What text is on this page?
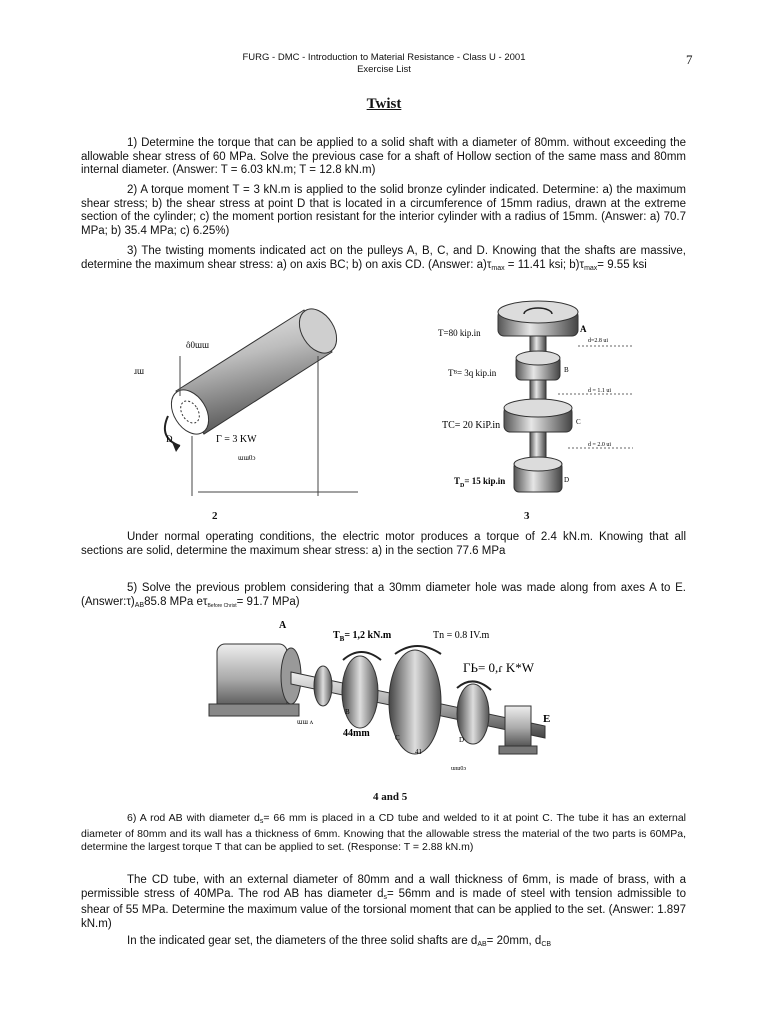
FURG - DMC - Introduction to Material Resistance - Class U - 2001
Exercise List
7
Twist
1) Determine the torque that can be applied to a solid shaft with a diameter of 80mm. without exceeding the allowable shear stress of 60 MPa. Solve the previous case for a shaft of Hollow section of the same mass and 80mm internal diameter. (Answer: T = 6.03 kN.m; T = 12.8 kN.m)
2) A torque moment T = 3 kN.m is applied to the solid bronze cylinder indicated. Determine: a) the maximum shear stress; b) the shear stress at point D that is located in a circumference of 15mm radius, drawn at the extreme section of the cylinder; c) the moment portion resistant for the interior cylinder with a radius of 15mm. (Answer: a) 70.7 MPa; b) 35.4 MPa; c) 6.25%)
3) The twisting moments indicated act on the pulleys A, B, C, and D. Knowing that the shafts are massive, determine the maximum shear stress: a) on axis BC; b) on axis CD. (Answer: $a)\tau_{max} = 11.41$ ksi; $b)\tau_{max}= 9.55$ ksi
ô0ɯɯ
ɹɯ
D	Γ = 3 KW
ɯɯ0ɔ
2
A
T=80 kip.in
Tᴮ= 3q kip.in
TC= 20 KiP.in
$T_D= 15$ kip.in
B
C
D
d=2.8 ui
d = 1.1 ui
d = 2.0 ui
3
Under normal operating conditions, the electric motor produces a torque of 2.4 kN.m. Knowing that all sections are solid, determine the maximum shear stress: a) in the section 77.6 MPa
5) Solve the previous problem considering that a 30mm diameter hole was made along from axes A to E. $(Answer:\tau)_{AB}85.8$ MPa $e\tau_{Before Christ}= 91.7$ MPa)
A
$T_B= 1,2$ kN.m	Tn = 0.8 IV.m
ΓЬ= 0,ɾ K*W
B
C	D
E
44mm
ɯɯ ʌ
ɯɯ0ɔ
41
4 and 5
6) A rod AB with diameter $d_s= 66$ mm is placed in a CD tube and welded to it at point C. The tube it has an external diameter of 80mm and its wall has a thickness of 6mm. Knowing that the allowable stress the material of the two parts is 60MPa, determine the largest torque T that can be applied to set. (Response: T = 2.88 kN.m)
The CD tube, with an external diameter of 80mm and a wall thickness of 6mm, is made of brass, with a permissible stress of 40MPa. The rod AB has diameter $d_s= 56mm$ and is made of steel with tension admissible to shear of 55 MPa. Determine the maximum value of the torsional moment that can be applied to the set. (Answer: 1.897 kN.m)
In the indicated gear set, the diameters of the three solid shafts are $d_{AB}= 20mm$, $d_{CB}$
